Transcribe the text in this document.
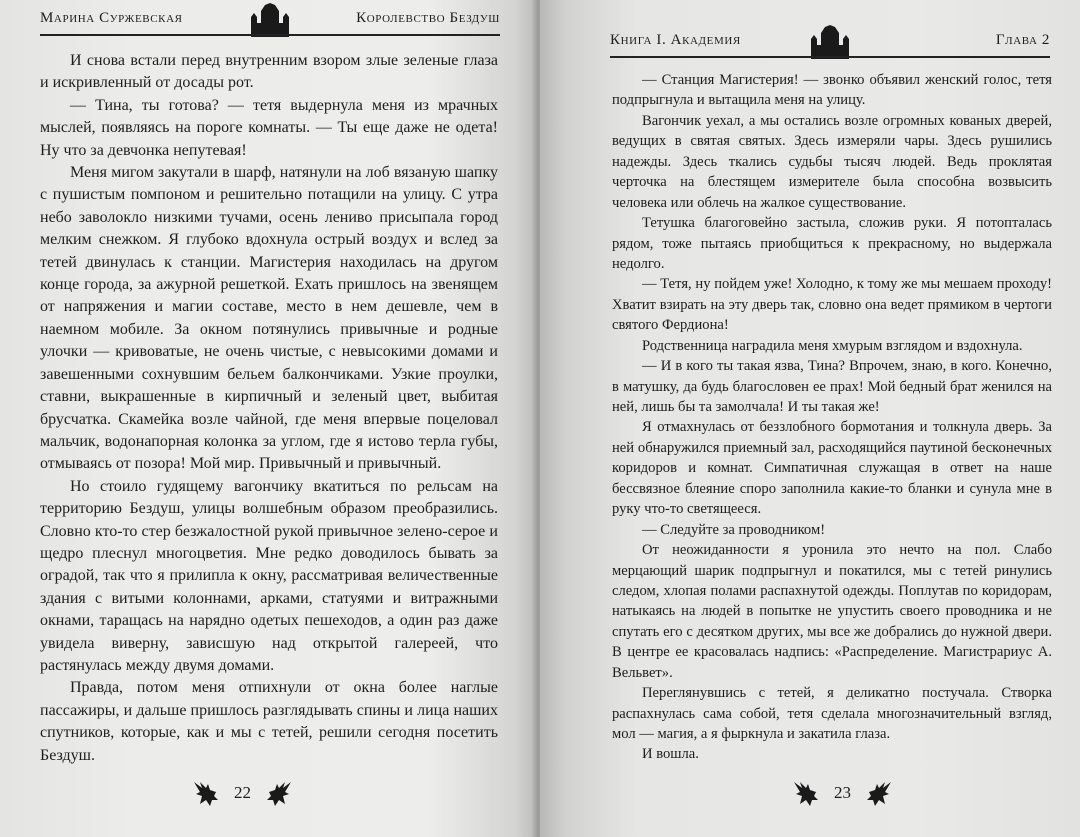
Марина Суржевская	Королевство Бездуш

И снова встали перед внутренним взором злые зеленые глаза и искривленный от досады рот.

— Тина, ты готова? — тетя выдернула меня из мрачных мыслей, появляясь на пороге комнаты. — Ты еще даже не одета! Ну что за девчонка непутевая!

Меня мигом закутали в шарф, натянули на лоб вязаную шапку с пушистым помпоном и решительно потащили на улицу. С утра небо заволокло низкими тучами, осень лениво присыпала город мелким снежком. Я глубоко вдохнула острый воздух и вслед за тетей двинулась к станции. Магистерия находилась на другом конце города, за ажурной решеткой. Ехать пришлось на звенящем от напряжения и магии составе, место в нем дешевле, чем в наемном мобиле. За окном потянулись привычные и родные улочки — кривоватые, не очень чистые, с невысокими домами и завешенными сохнувшим бельем балкончиками. Узкие проулки, ставни, выкрашенные в кирпичный и зеленый цвет, выбитая брусчатка. Скамейка возле чайной, где меня впервые поцеловал мальчик, водонапорная колонка за углом, где я истово терла губы, отмываясь от позора! Мой мир. Привычный и привычный.

Но стоило гудящему вагончику вкатиться по рельсам на территорию Бездуш, улицы волшебным образом преобразились. Словно кто-то стер безжалостной рукой привычное зелено-серое и щедро плеснул многоцветия. Мне редко доводилось бывать за оградой, так что я прилипла к окну, рассматривая величественные здания с витыми колоннами, арками, статуями и витражными окнами, таращась на нарядно одетых пешеходов, а один раз даже увидела виверну, зависшую над открытой галереей, что растянулась между двумя домами.

Правда, потом меня отпихнули от окна более наглые пассажиры, и дальше пришлось разглядывать спины и лица наших спутников, которые, как и мы с тетей, решили сегодня посетить Бездуш.

22
Книга I. Академия	Глава 2

— Станция Магистерия! — звонко объявил женский голос, тетя подпрыгнула и вытащила меня на улицу.

Вагончик уехал, а мы остались возле огромных кованых дверей, ведущих в святая святых. Здесь измеряли чары. Здесь рушились надежды. Здесь ткались судьбы тысяч людей. Ведь проклятая черточка на блестящем измерителе была способна возвысить человека или облечь на жалкое существование.

Тетушка благоговейно застыла, сложив руки. Я потопталась рядом, тоже пытаясь приобщиться к прекрасному, но выдержала недолго.

— Тетя, ну пойдем уже! Холодно, к тому же мы мешаем проходу! Хватит взирать на эту дверь так, словно она ведет прямиком в чертоги святого Фердиона!

Родственница наградила меня хмурым взглядом и вздохнула.

— И в кого ты такая язва, Тина? Впрочем, знаю, в кого. Конечно, в матушку, да будь благословен ее прах! Мой бедный брат женился на ней, лишь бы та замолчала! И ты такая же!

Я отмахнулась от беззлобного бормотания и толкнула дверь. За ней обнаружился приемный зал, расходящийся паутиной бесконечных коридоров и комнат. Симпатичная служащая в ответ на наше бессвязное блеяние споро заполнила какие-то бланки и сунула мне в руку что-то светящееся.

— Следуйте за проводником!

От неожиданности я уронила это нечто на пол. Слабо мерцающий шарик подпрыгнул и покатился, мы с тетей ринулись следом, хлопая полами распахнутой одежды. Поплутав по коридорам, натыкаясь на людей в попытке не упустить своего проводника и не спутать его с десятком других, мы все же добрались до нужной двери. В центре ее красовалась надпись: «Распределение. Магистрариус А. Вельвет».

Переглянувшись с тетей, я деликатно постучала. Створка распахнулась сама собой, тетя сделала многозначительный взгляд, мол — магия, а я фыркнула и закатила глаза.

И вошла.

23
